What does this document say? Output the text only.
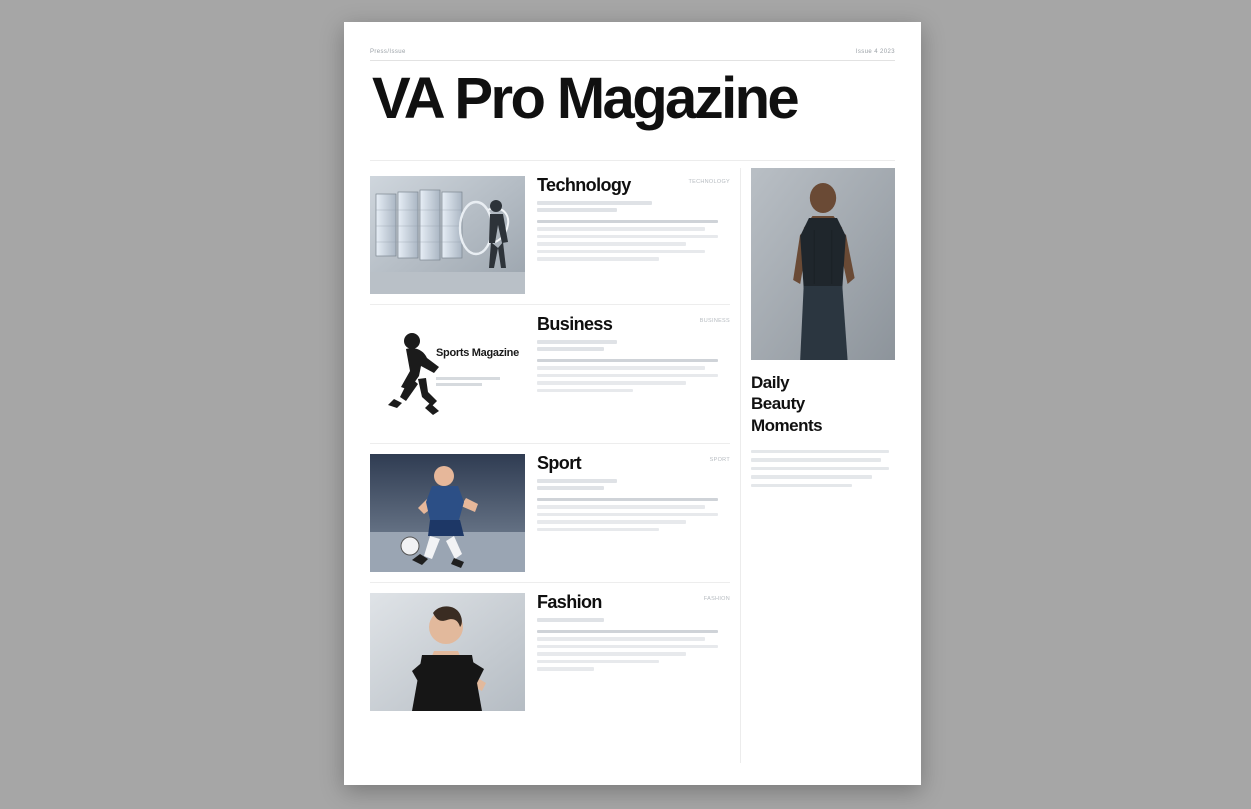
Press/Issue	Issue 4 2023
VA Pro Magazine
TECHNOLOGY
Technology
Sports Magazine
BUSINESS
Business
SPORT
Sport
FASHION
Fashion
Daily
Beauty
Moments
